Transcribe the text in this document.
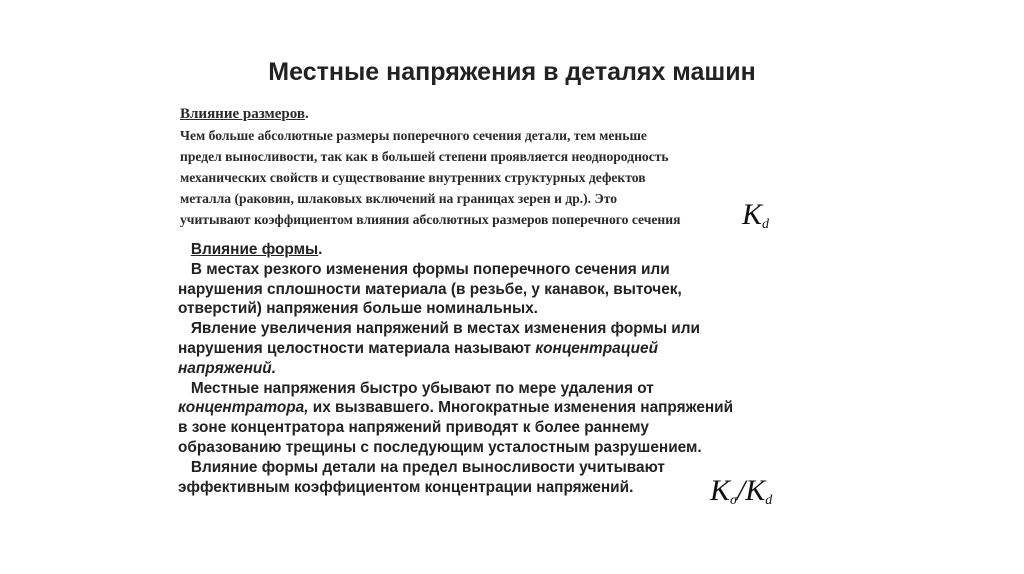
Местные напряжения в деталях машин
Влияние размеров.
Чем больше абсолютные размеры поперечного сечения детали, тем меньше
предел выносливости, так как в большей степени проявляется неоднородность
механических свойств и существование внутренних структурных дефектов
металла (раковин, шлаковых включений на границах зерен и др.). Это
учитывают коэффициентом влияния абсолютных размеров поперечного сечения	$K_d$
Влияние формы.
В местах резкого изменения формы поперечного сечения или
нарушения сплошности материала (в резьбе, у канавок, выточек,
отверстий) напряжения больше номинальных.
Явление увеличения напряжений в местах изменения формы или
нарушения целостности материала называют концентрацией
напряжений.
Местные напряжения быстро убывают по мере удаления от
концентратора, их вызвавшего. Многократные изменения напряжений
в зоне концентратора напряжений приводят к более раннему
образованию трещины с последующим усталостным разрушением.
Влияние формы детали на предел выносливости учитывают
эффективным коэффициентом концентрации напряжений.	$K_\sigma/K_d$
